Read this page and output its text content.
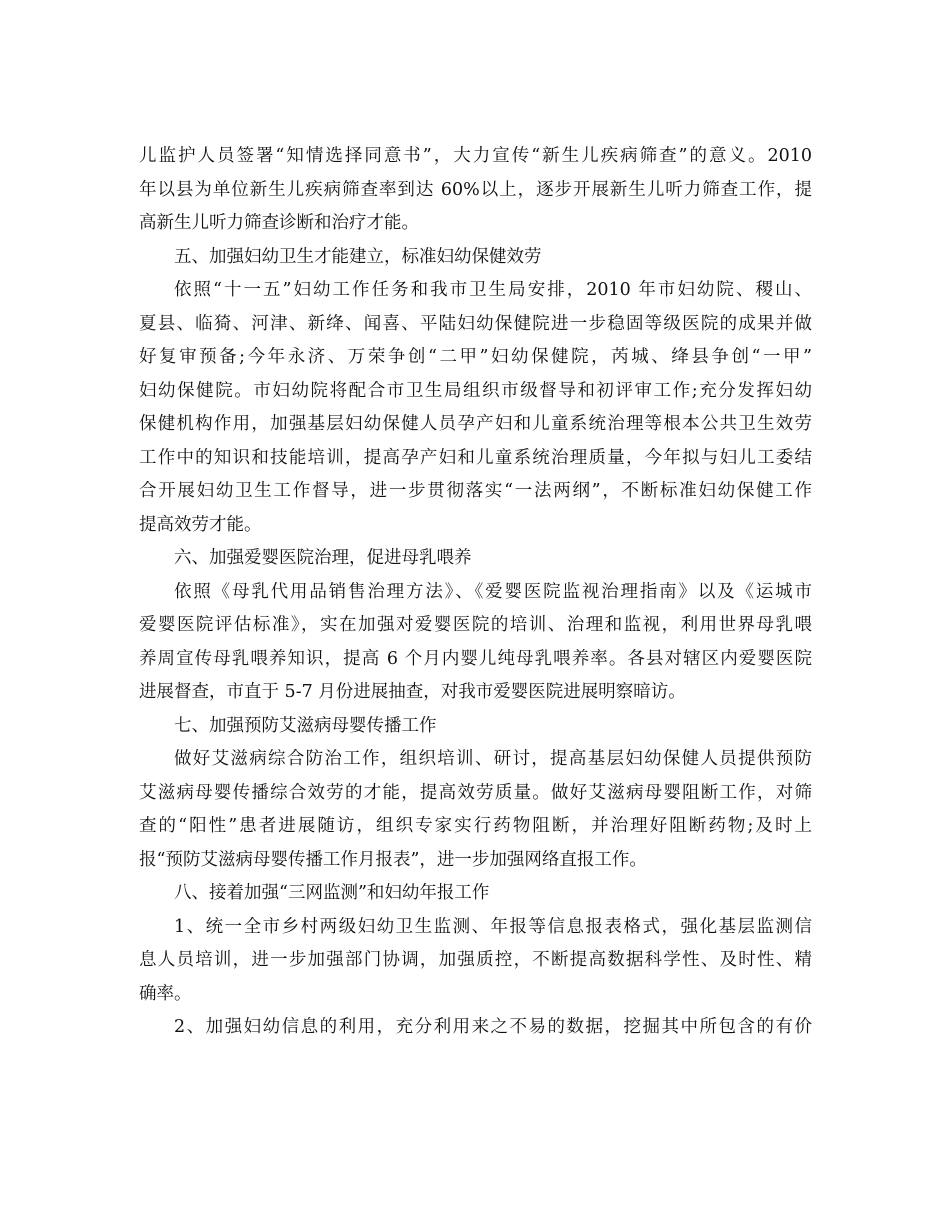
儿监护人员签署“知情选择同意书”，大力宣传“新生儿疾病筛查”的意义。2010
年以县为单位新生儿疾病筛查率到达 60%以上，逐步开展新生儿听力筛查工作，提
高新生儿听力筛查诊断和治疗才能。
五、加强妇幼卫生才能建立，标准妇幼保健效劳
依照“十一五”妇幼工作任务和我市卫生局安排，2010 年市妇幼院、稷山、
夏县、临猗、河津、新绛、闻喜、平陆妇幼保健院进一步稳固等级医院的成果并做
好复审预备;今年永济、万荣争创“二甲”妇幼保健院，芮城、绛县争创“一甲”
妇幼保健院。市妇幼院将配合市卫生局组织市级督导和初评审工作;充分发挥妇幼
保健机构作用，加强基层妇幼保健人员孕产妇和儿童系统治理等根本公共卫生效劳
工作中的知识和技能培训，提高孕产妇和儿童系统治理质量，今年拟与妇儿工委结
合开展妇幼卫生工作督导，进一步贯彻落实“一法两纲”，不断标准妇幼保健工作
提高效劳才能。
六、加强爱婴医院治理，促进母乳喂养
依照《母乳代用品销售治理方法》、《爱婴医院监视治理指南》以及《运城市
爱婴医院评估标准》，实在加强对爱婴医院的培训、治理和监视，利用世界母乳喂
养周宣传母乳喂养知识，提高 6 个月内婴儿纯母乳喂养率。各县对辖区内爱婴医院
进展督查，市直于 5-7 月份进展抽查，对我市爱婴医院进展明察暗访。
七、加强预防艾滋病母婴传播工作
做好艾滋病综合防治工作，组织培训、研讨，提高基层妇幼保健人员提供预防
艾滋病母婴传播综合效劳的才能，提高效劳质量。做好艾滋病母婴阻断工作，对筛
查的“阳性”患者进展随访，组织专家实行药物阻断，并治理好阻断药物;及时上
报“预防艾滋病母婴传播工作月报表”，进一步加强网络直报工作。
八、接着加强“三网监测”和妇幼年报工作
1、统一全市乡村两级妇幼卫生监测、年报等信息报表格式，强化基层监测信
息人员培训，进一步加强部门协调，加强质控，不断提高数据科学性、及时性、精
确率。
2、加强妇幼信息的利用，充分利用来之不易的数据，挖掘其中所包含的有价
